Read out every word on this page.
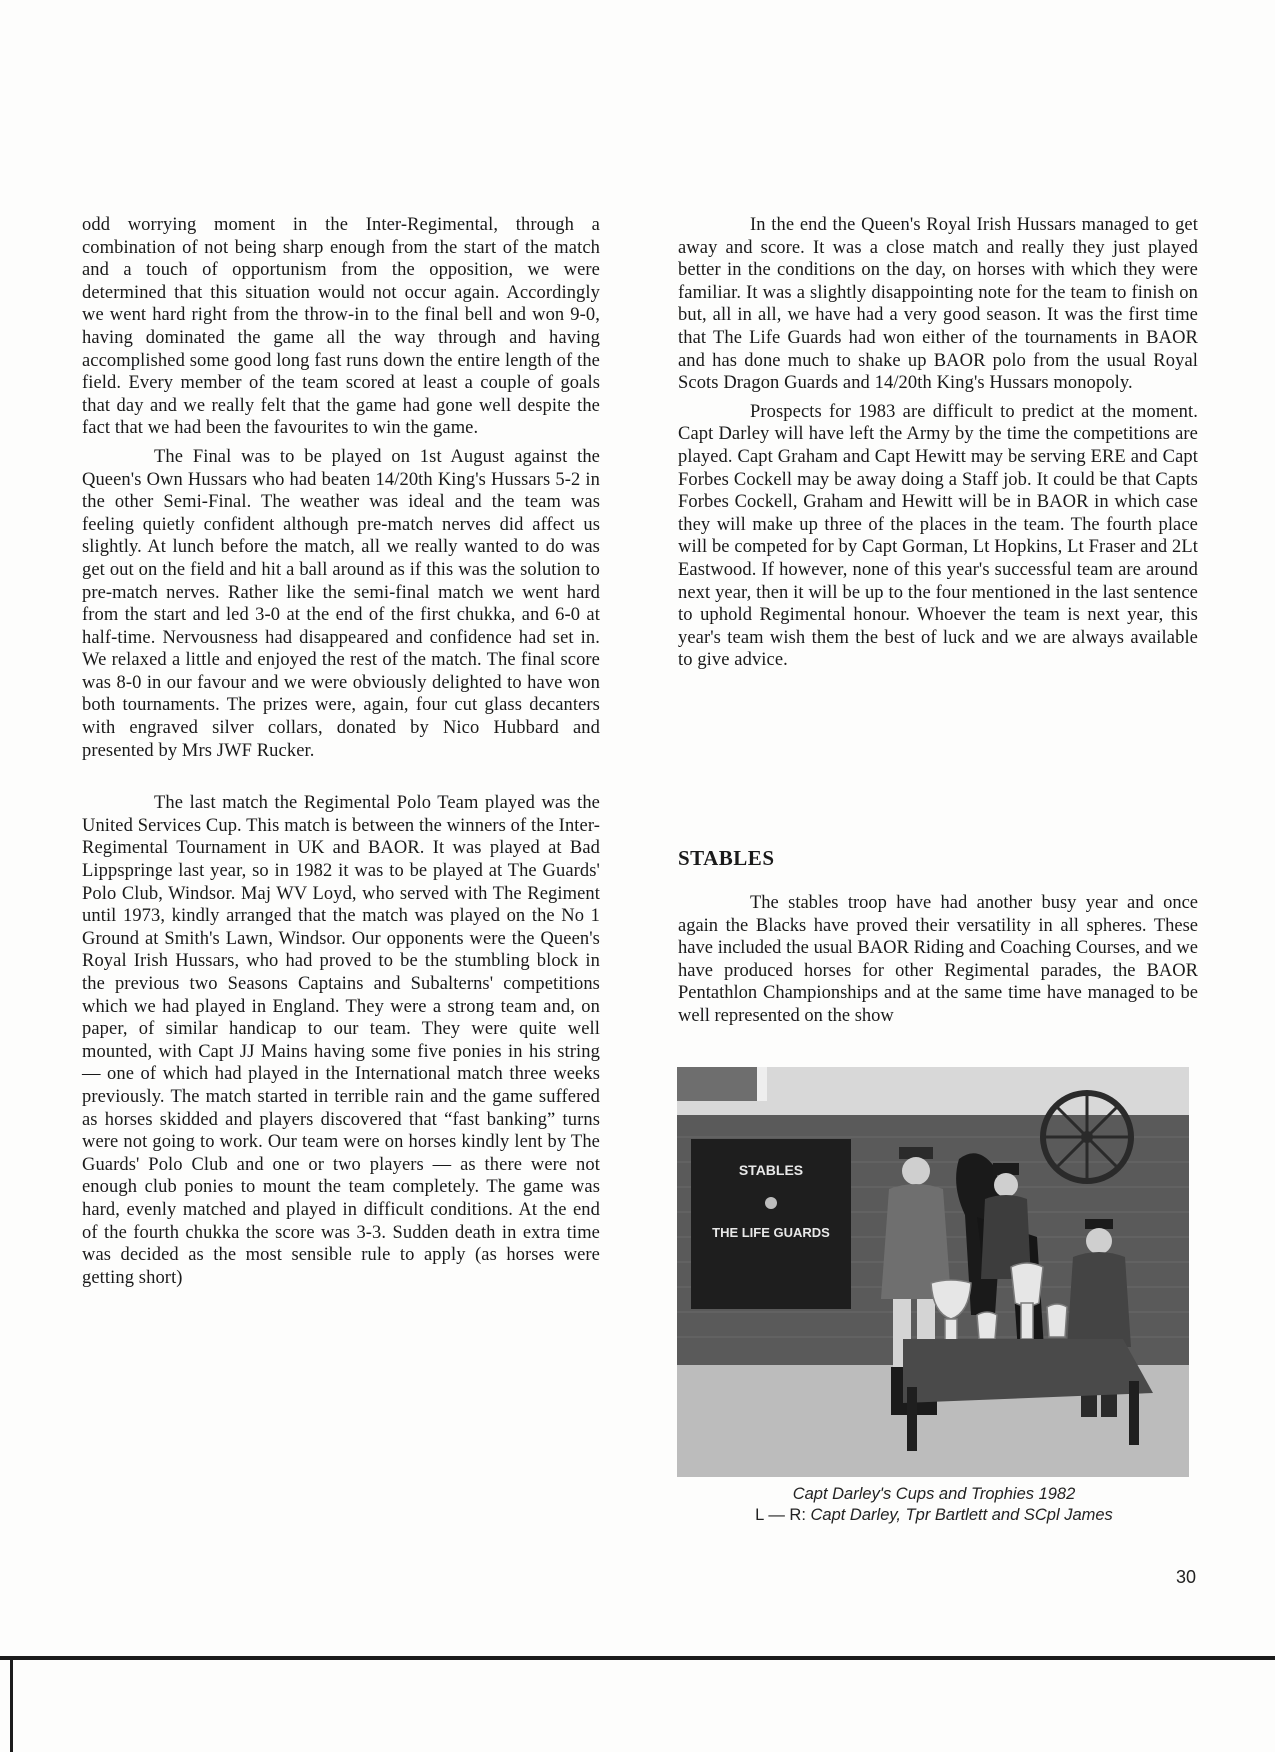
odd worrying moment in the Inter-Regimental, through a combination of not being sharp enough from the start of the match and a touch of opportunism from the opposition, we were determined that this situation would not occur again. Accordingly we went hard right from the throw-in to the final bell and won 9-0, having dominated the game all the way through and having accomplished some good long fast runs down the entire length of the field. Every member of the team scored at least a couple of goals that day and we really felt that the game had gone well despite the fact that we had been the favourites to win the game.

The Final was to be played on 1st August against the Queen's Own Hussars who had beaten 14/20th King's Hussars 5-2 in the other Semi-Final. The weather was ideal and the team was feeling quietly confident although pre-match nerves did affect us slightly. At lunch before the match, all we really wanted to do was get out on the field and hit a ball around as if this was the solution to pre-match nerves. Rather like the semi-final match we went hard from the start and led 3-0 at the end of the first chukka, and 6-0 at half-time. Nervousness had disappeared and confidence had set in. We relaxed a little and enjoyed the rest of the match. The final score was 8-0 in our favour and we were obviously delighted to have won both tournaments. The prizes were, again, four cut glass decanters with engraved silver collars, donated by Nico Hubbard and presented by Mrs JWF Rucker.

The last match the Regimental Polo Team played was the United Services Cup. This match is between the winners of the Inter-Regimental Tournament in UK and BAOR. It was played at Bad Lippspringe last year, so in 1982 it was to be played at The Guards' Polo Club, Windsor. Maj WV Loyd, who served with The Regiment until 1973, kindly arranged that the match was played on the No 1 Ground at Smith's Lawn, Windsor. Our opponents were the Queen's Royal Irish Hussars, who had proved to be the stumbling block in the previous two Seasons Captains and Subalterns' competitions which we had played in England. They were a strong team and, on paper, of similar handicap to our team. They were quite well mounted, with Capt JJ Mains having some five ponies in his string — one of which had played in the International match three weeks previously. The match started in terrible rain and the game suffered as horses skidded and players discovered that “fast banking” turns were not going to work. Our team were on horses kindly lent by The Guards' Polo Club and one or two players — as there were not enough club ponies to mount the team completely. The game was hard, evenly matched and played in difficult conditions. At the end of the fourth chukka the score was 3-3. Sudden death in extra time was decided as the most sensible rule to apply (as horses were getting short)

In the end the Queen's Royal Irish Hussars managed to get away and score. It was a close match and really they just played better in the conditions on the day, on horses with which they were familiar. It was a slightly disappointing note for the team to finish on but, all in all, we have had a very good season. It was the first time that The Life Guards had won either of the tournaments in BAOR and has done much to shake up BAOR polo from the usual Royal Scots Dragon Guards and 14/20th King's Hussars monopoly.

Prospects for 1983 are difficult to predict at the moment. Capt Darley will have left the Army by the time the competitions are played. Capt Graham and Capt Hewitt may be serving ERE and Capt Forbes Cockell may be away doing a Staff job. It could be that Capts Forbes Cockell, Graham and Hewitt will be in BAOR in which case they will make up three of the places in the team. The fourth place will be competed for by Capt Gorman, Lt Hopkins, Lt Fraser and 2Lt Eastwood. If however, none of this year's successful team are around next year, then it will be up to the four mentioned in the last sentence to uphold Regimental honour. Whoever the team is next year, this year's team wish them the best of luck and we are always available to give advice.

STABLES

The stables troop have had another busy year and once again the Blacks have proved their versatility in all spheres. These have included the usual BAOR Riding and Coaching Courses, and we have produced horses for other Regimental parades, the BAOR Pentathlon Championships and at the same time have managed to be well represented on the show

STABLES
THE LIFE GUARDS
Capt Darley's Cups and Trophies 1982
L — R: Capt Darley, Tpr Bartlett and SCpl James
30
